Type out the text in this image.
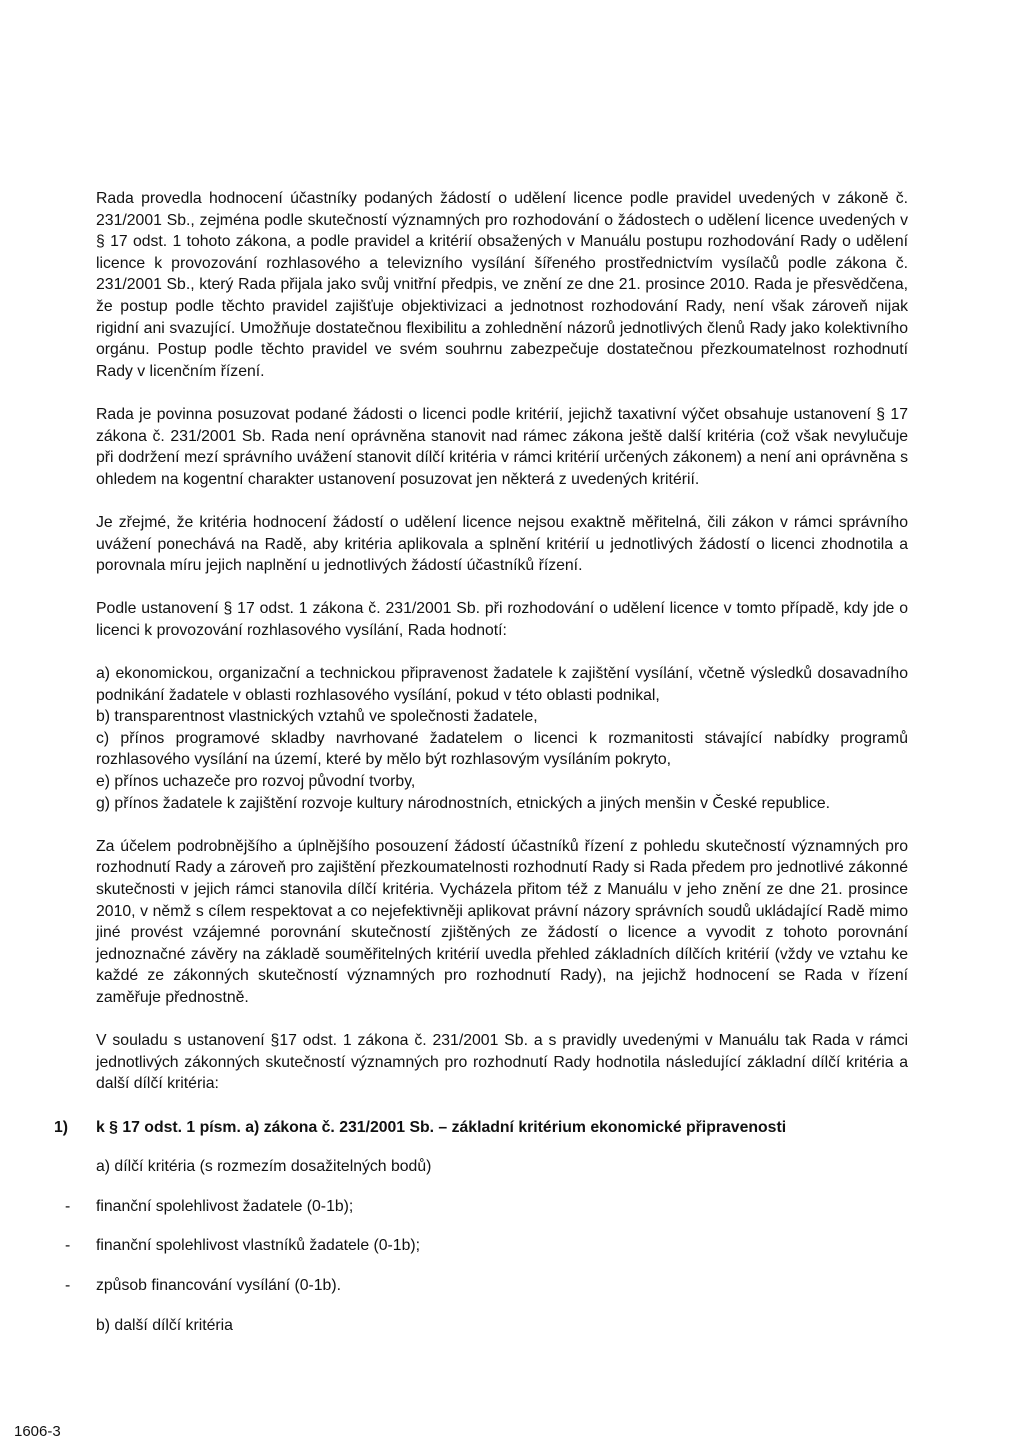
Rada provedla hodnocení účastníky podaných žádostí o udělení licence podle pravidel uvedených v zákoně č. 231/2001 Sb., zejména podle skutečností významných pro rozhodování o žádostech o udělení licence uvedených v § 17 odst. 1 tohoto zákona, a podle pravidel a kritérií obsažených v Manuálu postupu rozhodování Rady o udělení licence k provozování rozhlasového a televizního vysílání šířeného prostřednictvím vysílačů podle zákona č. 231/2001 Sb., který Rada přijala jako svůj vnitřní předpis, ve znění ze dne 21. prosince 2010. Rada je přesvědčena, že postup podle těchto pravidel zajišťuje objektivizaci a jednotnost rozhodování Rady, není však zároveň nijak rigidní ani svazující. Umožňuje dostatečnou flexibilitu a zohlednění názorů jednotlivých členů Rady jako kolektivního orgánu. Postup podle těchto pravidel ve svém souhrnu zabezpečuje dostatečnou přezkoumatelnost rozhodnutí Rady v licenčním řízení.

Rada je povinna posuzovat podané žádosti o licenci podle kritérií, jejichž taxativní výčet obsahuje ustanovení § 17 zákona č. 231/2001 Sb. Rada není oprávněna stanovit nad rámec zákona ještě další kritéria (což však nevylučuje při dodržení mezí správního uvážení stanovit dílčí kritéria v rámci kritérií určených zákonem) a není ani oprávněna s ohledem na kogentní charakter ustanovení posuzovat jen některá z uvedených kritérií.

Je zřejmé, že kritéria hodnocení žádostí o udělení licence nejsou exaktně měřitelná, čili zákon v rámci správního uvážení ponechává na Radě, aby kritéria aplikovala a splnění kritérií u jednotlivých žádostí o licenci zhodnotila a porovnala míru jejich naplnění u jednotlivých žádostí účastníků řízení.

Podle ustanovení § 17 odst. 1 zákona č. 231/2001 Sb. při rozhodování o udělení licence v tomto případě, kdy jde o licenci k provozování rozhlasového vysílání, Rada hodnotí:

a) ekonomickou, organizační a technickou připravenost žadatele k zajištění vysílání, včetně výsledků dosavadního podnikání žadatele v oblasti rozhlasového vysílání, pokud v této oblasti podnikal,

b) transparentnost vlastnických vztahů ve společnosti žadatele,

c) přínos programové skladby navrhované žadatelem o licenci k rozmanitosti stávající nabídky programů rozhlasového vysílání na území, které by mělo být rozhlasovým vysíláním pokryto,

e) přínos uchazeče pro rozvoj původní tvorby,

g) přínos žadatele k zajištění rozvoje kultury národnostních, etnických a jiných menšin v České republice.

Za účelem podrobnějšího a úplnějšího posouzení žádostí účastníků řízení z pohledu skutečností významných pro rozhodnutí Rady a zároveň pro zajištění přezkoumatelnosti rozhodnutí Rady si Rada předem pro jednotlivé zákonné skutečnosti v jejich rámci stanovila dílčí kritéria. Vycházela přitom též z Manuálu v jeho znění ze dne 21. prosince 2010, v němž s cílem respektovat a co nejefektivněji aplikovat právní názory správních soudů ukládající Radě mimo jiné provést vzájemné porovnání skutečností zjištěných ze žádostí o licence a vyvodit z tohoto porovnání jednoznačné závěry na základě souměřitelných kritérií uvedla přehled základních dílčích kritérií (vždy ve vztahu ke každé ze zákonných skutečností významných pro rozhodnutí Rady), na jejichž hodnocení se Rada v řízení zaměřuje přednostně.

V souladu s ustanovení §17 odst. 1 zákona č. 231/2001 Sb. a s pravidly uvedenými v Manuálu tak Rada v rámci jednotlivých zákonných skutečností významných pro rozhodnutí Rady hodnotila následující základní dílčí kritéria a další dílčí kritéria:

1) k § 17 odst. 1 písm. a) zákona č. 231/2001 Sb. – základní kritérium ekonomické připravenosti

a) dílčí kritéria (s rozmezím dosažitelných bodů)

- finanční spolehlivost žadatele (0-1b);

- finanční spolehlivost vlastníků žadatele (0-1b);

- způsob financování vysílání (0-1b).

b) další dílčí kritéria

1606-3
